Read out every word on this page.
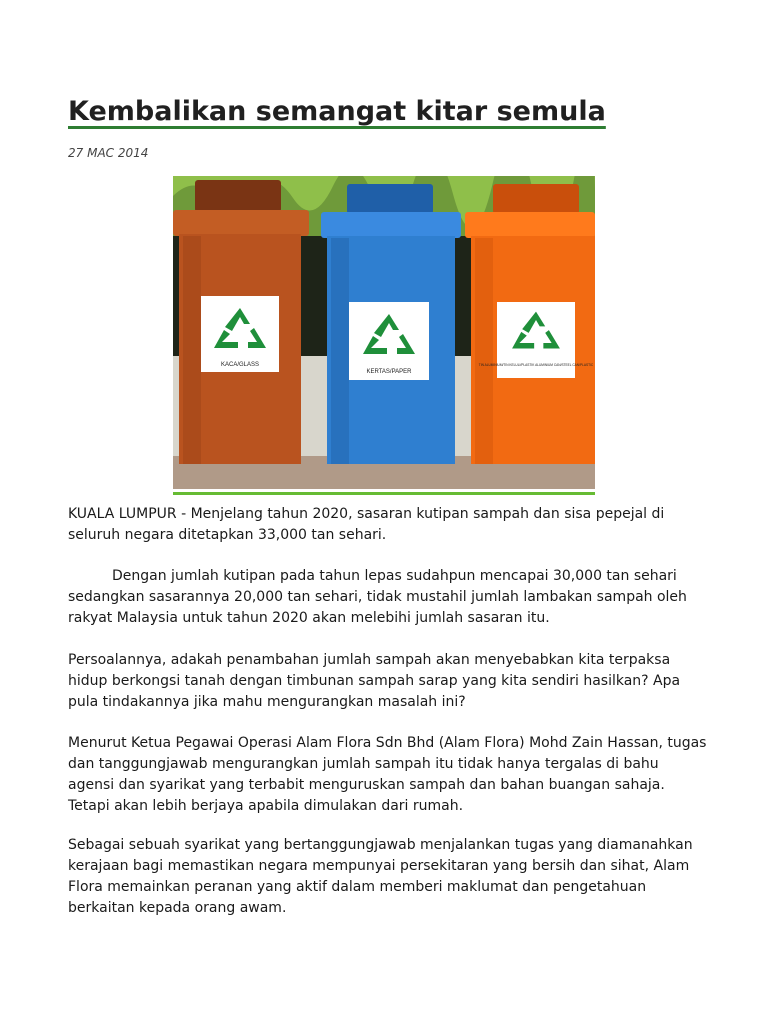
Kembalikan semangat kitar semula
27 MAC 2014
KACA/GLASS
KERTAS/PAPER
TIN ALUMINIUM/TIN KELULI/PLASTIK ALUMINIUM CAN/STEEL CAN/PLASTIC

KUALA LUMPUR - Menjelang tahun 2020, sasaran kutipan sampah dan sisa pepejal di seluruh negara ditetapkan 33,000 tan sehari.

Dengan jumlah kutipan pada tahun lepas sudahpun mencapai 30,000 tan sehari sedangkan sasarannya 20,000 tan sehari, tidak mustahil jumlah lambakan sampah oleh rakyat Malaysia untuk tahun 2020 akan melebihi jumlah sasaran itu.

Persoalannya, adakah penambahan jumlah sampah akan menyebabkan kita terpaksa hidup berkongsi tanah dengan timbunan sampah sarap yang kita sendiri hasilkan? Apa pula tindakannya jika mahu mengurangkan masalah ini?

Menurut Ketua Pegawai Operasi Alam Flora Sdn Bhd (Alam Flora) Mohd Zain Hassan, tugas dan tanggungjawab mengurangkan jumlah sampah itu tidak hanya tergalas di bahu agensi dan syarikat yang terbabit menguruskan sampah dan bahan buangan sahaja. Tetapi akan lebih berjaya apabila dimulakan dari rumah.

Sebagai sebuah syarikat yang bertanggungjawab menjalankan tugas yang diamanahkan kerajaan bagi memastikan negara mempunyai persekitaran yang bersih dan sihat, Alam Flora memainkan peranan yang aktif dalam memberi maklumat dan pengetahuan berkaitan kepada orang awam.
